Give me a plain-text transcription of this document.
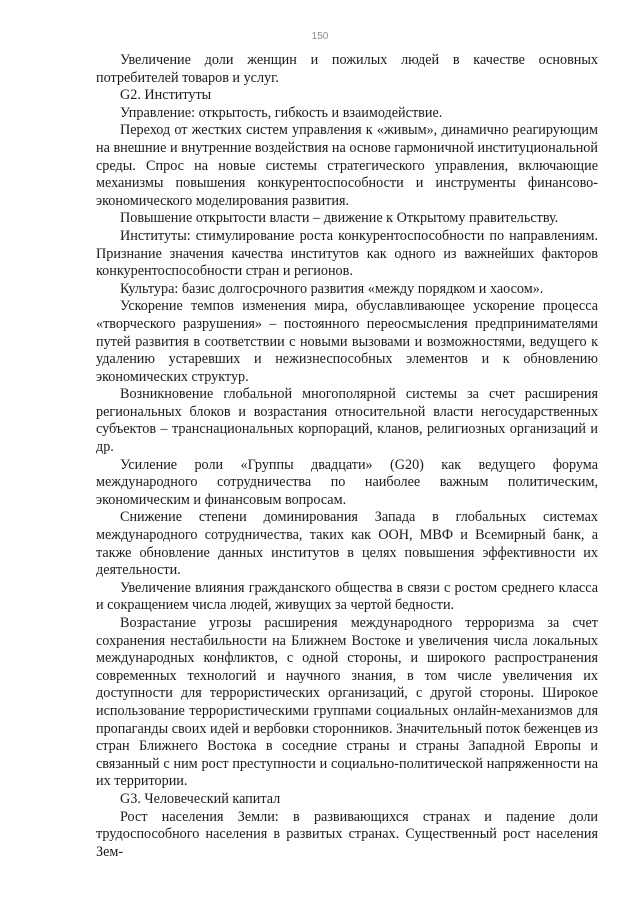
150

Увеличение доли женщин и пожилых людей в качестве основных потребителей товаров и услуг.

G2. Институты

Управление: открытость, гибкость и взаимодействие.

Переход от жестких систем управления к «живым», динамично реагирующим на внешние и внутренние воздействия на основе гармоничной институциональной среды. Спрос на новые системы стратегического управления, включающие механизмы повышения конкурентоспособности и инструменты финансово-экономического моделирования развития.

Повышение открытости власти – движение к Открытому правительству.

Институты: стимулирование роста конкурентоспособности по направлениям. Признание значения качества институтов как одного из важнейших факторов конкурентоспособности стран и регионов.

Культура: базис долгосрочного развития «между порядком и хаосом».

Ускорение темпов изменения мира, обуславливающее ускорение процесса «творческого разрушения» – постоянного переосмысления предпринимателями путей развития в соответствии с новыми вызовами и возможностями, ведущего к удалению устаревших и нежизнеспособных элементов и к обновлению экономических структур.

Возникновение глобальной многополярной системы за счет расширения региональных блоков и возрастания относительной власти негосударственных субъектов – транснациональных корпораций, кланов, религиозных организаций и др.

Усиление роли «Группы двадцати» (G20) как ведущего форума международного сотрудничества по наиболее важным политическим, экономическим и финансовым вопросам.

Снижение степени доминирования Запада в глобальных системах международного сотрудничества, таких как ООН, МВФ и Всемирный банк, а также обновление данных институтов в целях повышения эффективности их деятельности.

Увеличение влияния гражданского общества в связи с ростом среднего класса и сокращением числа людей, живущих за чертой бедности.

Возрастание угрозы расширения международного терроризма за счет сохранения нестабильности на Ближнем Востоке и увеличения числа локальных международных конфликтов, с одной стороны, и широкого распространения современных технологий и научного знания, в том числе увеличения их доступности для террористических организаций, с другой стороны. Широкое использование террористическими группами социальных онлайн-механизмов для пропаганды своих идей и вербовки сторонников. Значительный поток беженцев из стран Ближнего Востока в соседние страны и страны Западной Европы и связанный с ним рост преступности и социально-политической напряженности на их территории.

G3. Человеческий капитал

Рост населения Земли: в развивающихся странах и падение доли трудоспособного населения в развитых странах. Существенный рост населения Зем-
